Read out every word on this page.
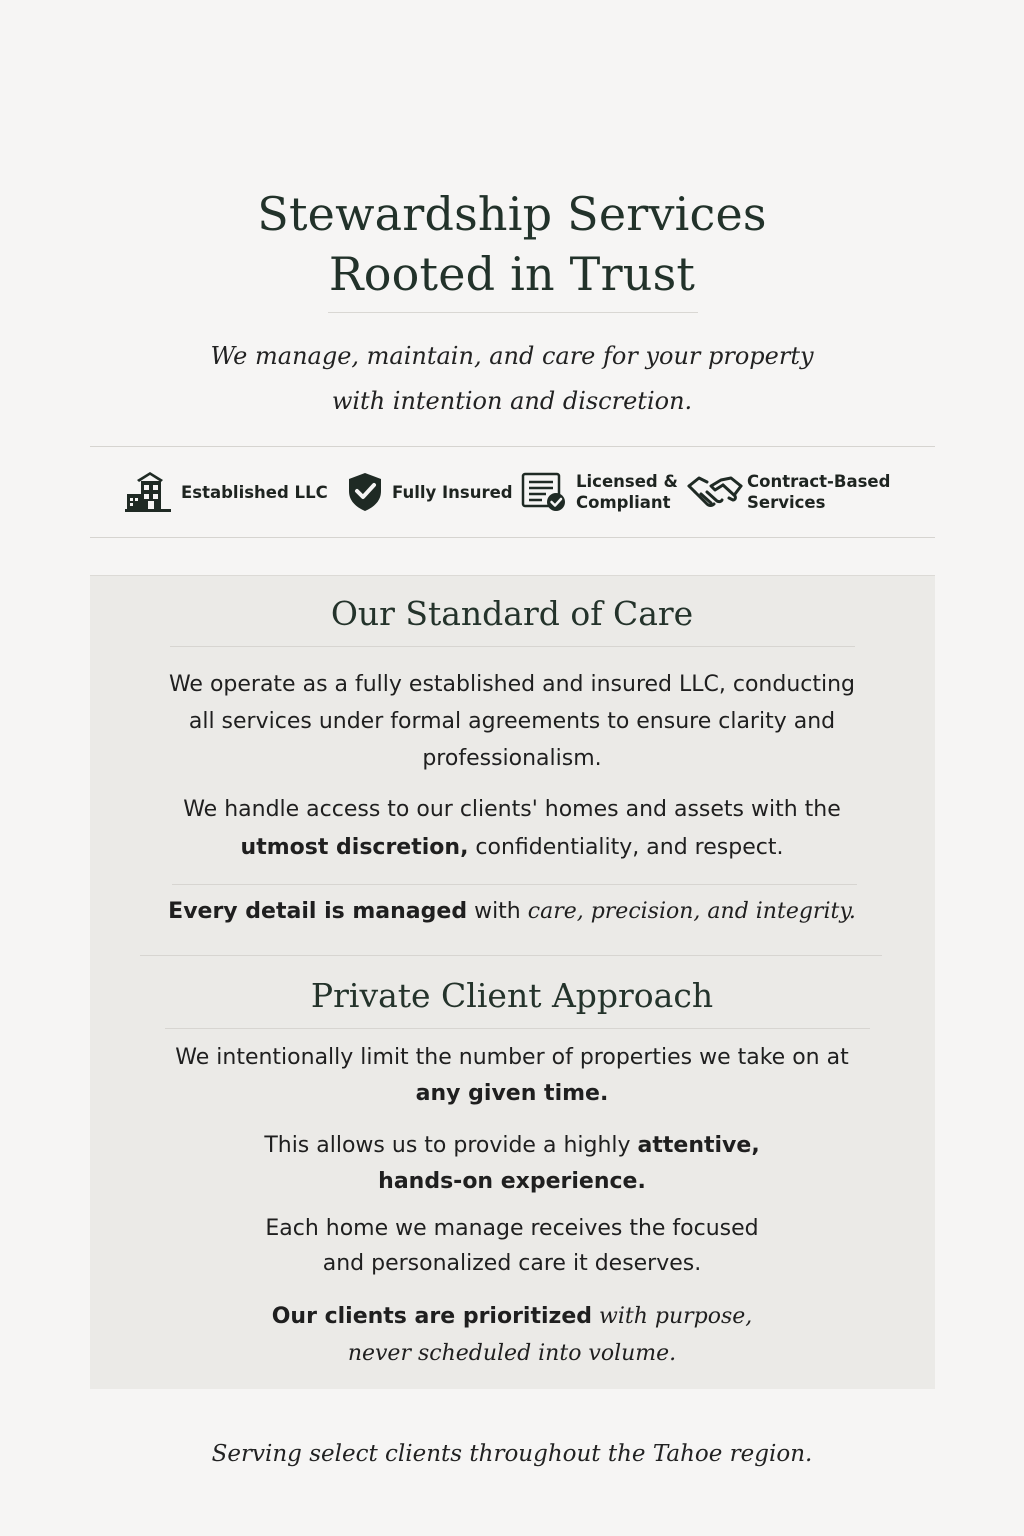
Stewardship Services
Rooted in Trust
We manage, maintain, and care for your property
with intention and discretion.
Established LLC	Fully Insured
Licensed &
Compliant
Contract-Based
Services
Our Standard of Care

We operate as a fully established and insured LLC, conducting
all services under formal agreements to ensure clarity and
professionalism.

We handle access to our clients' homes and assets with the
utmost discretion, confidentiality, and respect.

Every detail is managed with care, precision, and integrity.

Private Client Approach

We intentionally limit the number of properties we take on at
any given time.

This allows us to provide a highly attentive,
hands-on experience.

Each home we manage receives the focused
and personalized care it deserves.

Our clients are prioritized with purpose,
never scheduled into volume.

Serving select clients throughout the Tahoe region.
